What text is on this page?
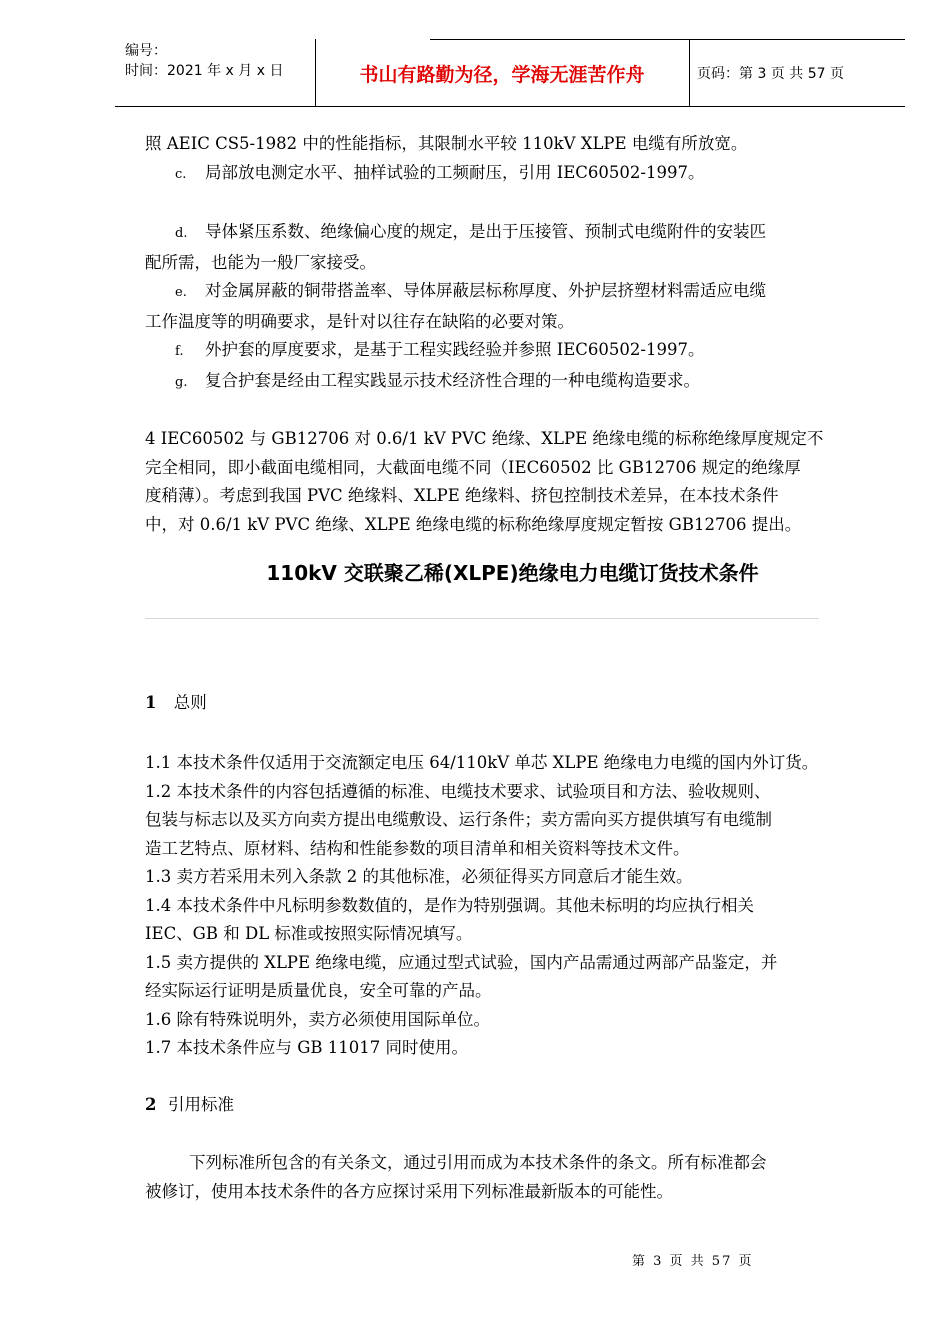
编号：
时间：2021 年 x 月 x 日	书山有路勤为径，学海无涯苦作舟	页码：第 3 页 共 57 页

照 AEIC CS5-1982 中的性能指标，其限制水平较 110kV XLPE 电缆有所放宽。

c. 局部放电测定水平、抽样试验的工频耐压，引用 IEC60502-1997。

d. 导体紧压系数、绝缘偏心度的规定，是出于压接管、预制式电缆附件的安装匹

配所需，也能为一般厂家接受。

e. 对金属屏蔽的铜带搭盖率、导体屏蔽层标称厚度、外护层挤塑材料需适应电缆

工作温度等的明确要求，是针对以往存在缺陷的必要对策。

f. 外护套的厚度要求，是基于工程实践经验并参照 IEC60502-1997。

g. 复合护套是经由工程实践显示技术经济性合理的一种电缆构造要求。

4 IEC60502 与 GB12706 对 0.6/1 kV PVC 绝缘、XLPE 绝缘电缆的标称绝缘厚度规定不

完全相同，即小截面电缆相同，大截面电缆不同（IEC60502 比 GB12706 规定的绝缘厚

度稍薄）。考虑到我国 PVC 绝缘料、XLPE 绝缘料、挤包控制技术差异，在本技术条件

中，对 0.6/1 kV PVC 绝缘、XLPE 绝缘电缆的标称绝缘厚度规定暂按 GB12706 提出。

110kV 交联聚乙稀(XLPE)绝缘电力电缆订货技术条件

1 总则

1.1 本技术条件仅适用于交流额定电压 64/110kV 单芯 XLPE 绝缘电力电缆的国内外订货。

1.2 本技术条件的内容包括遵循的标准、电缆技术要求、试验项目和方法、验收规则、

包装与标志以及买方向卖方提出电缆敷设、运行条件；卖方需向买方提供填写有电缆制

造工艺特点、原材料、结构和性能参数的项目清单和相关资料等技术文件。

1.3 卖方若采用未列入条款 2 的其他标准，必须征得买方同意后才能生效。

1.4 本技术条件中凡标明参数数值的，是作为特别强调。其他未标明的均应执行相关

IEC、GB 和 DL 标准或按照实际情况填写。

1.5 卖方提供的 XLPE 绝缘电缆，应通过型式试验，国内产品需通过两部产品鉴定，并

经实际运行证明是质量优良，安全可靠的产品。

1.6 除有特殊说明外，卖方必须使用国际单位。

1.7 本技术条件应与 GB 11017 同时使用。

2 引用标准

下列标准所包含的有关条文，通过引用而成为本技术条件的条文。所有标准都会

被修订，使用本技术条件的各方应探讨采用下列标准最新版本的可能性。

第 3 页 共 57 页
